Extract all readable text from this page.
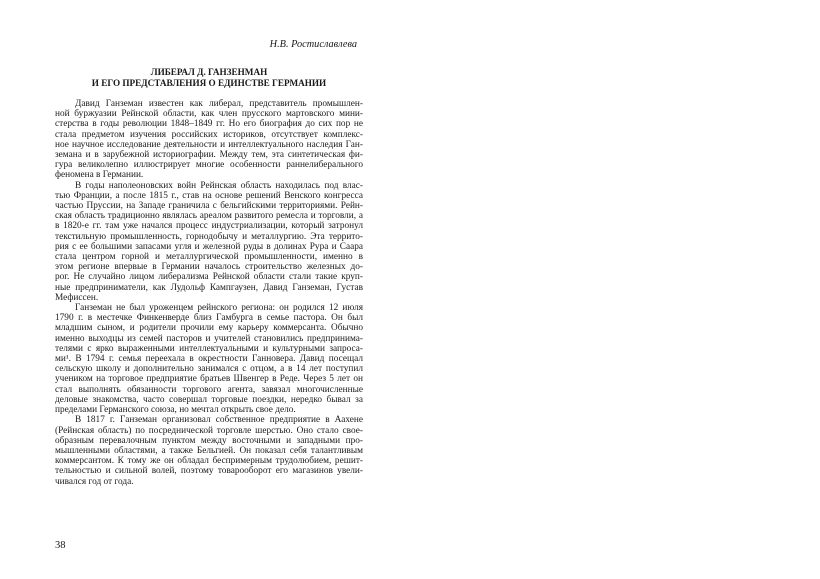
Н.В. Ростиславлева
ЛИБЕРАЛ Д. ГАНЗЕНМАН
И ЕГО ПРЕДСТАВЛЕНИЯ О ЕДИНСТВЕ ГЕРМАНИИ
Давид Ганземан известен как либерал, представитель промышлен-
ной буржуазии Рейнской области, как член прусского мартовского мини-
стерства в годы революции 1848–1849 гг. Но его биография до сих пор не
стала предметом изучения российских историков, отсутствует комплекс-
ное научное исследование деятельности и интеллектуального наследия Ган-
земана и в зарубежной историографии. Между тем, эта синтетическая фи-
гура великолепно иллюстрирует многие особенности раннелиберального
феномена в Германии.
В годы наполеоновских войн Рейнская область находилась под влас-
тью Франции, а после 1815 г., став на основе решений Венского конгресса
частью Пруссии, на Западе граничила с бельгийскими территориями. Рейн-
ская область традиционно являлась ареалом развитого ремесла и торговли, а
в 1820-е гг. там уже начался процесс индустриализации, который затронул
текстильную промышленность, горнодобычу и металлургию. Эта террито-
рия с ее большими запасами угля и железной руды в долинах Рура и Саара
стала центром горной и металлургической промышленности, именно в
этом регионе впервые в Германии началось строительство железных до-
рог. Не случайно лицом либерализма Рейнской области стали такие круп-
ные предприниматели, как Лудольф Кампгаузен, Давид Ганземан, Густав
Мефиссен.
Ганземан не был уроженцем рейнского региона: он родился 12 июля
1790 г. в местечке Финкенверде близ Гамбурга в семье пастора. Он был
младшим сыном, и родители прочили ему карьеру коммерсанта. Обычно
именно выходцы из семей пасторов и учителей становились предпринима-
телями с ярко выраженными интеллектуальными и культурными запроса-
ми¹. В 1794 г. семья переехала в окрестности Ганновера. Давид посещал
сельскую школу и дополнительно занимался с отцом, а в 14 лет поступил
учеником на торговое предприятие братьев Швенгер в Реде. Через 5 лет он
стал выполнять обязанности торгового агента, завязал многочисленные
деловые знакомства, часто совершал торговые поездки, нередко бывал за
пределами Германского союза, но мечтал открыть свое дело.
В 1817 г. Ганземан организовал собственное предприятие в Аахене
(Рейнская область) по посреднической торговле шерстью. Оно стало свое-
образным перевалочным пунктом между восточными и западными про-
мышленными областями, а также Бельгией. Он показал себя талантливым
коммерсантом. К тому же он обладал беспримерным трудолюбием, решит-
тельностью и сильной волей, поэтому товарооборот его магазинов увели-
чивался год от года.
38
